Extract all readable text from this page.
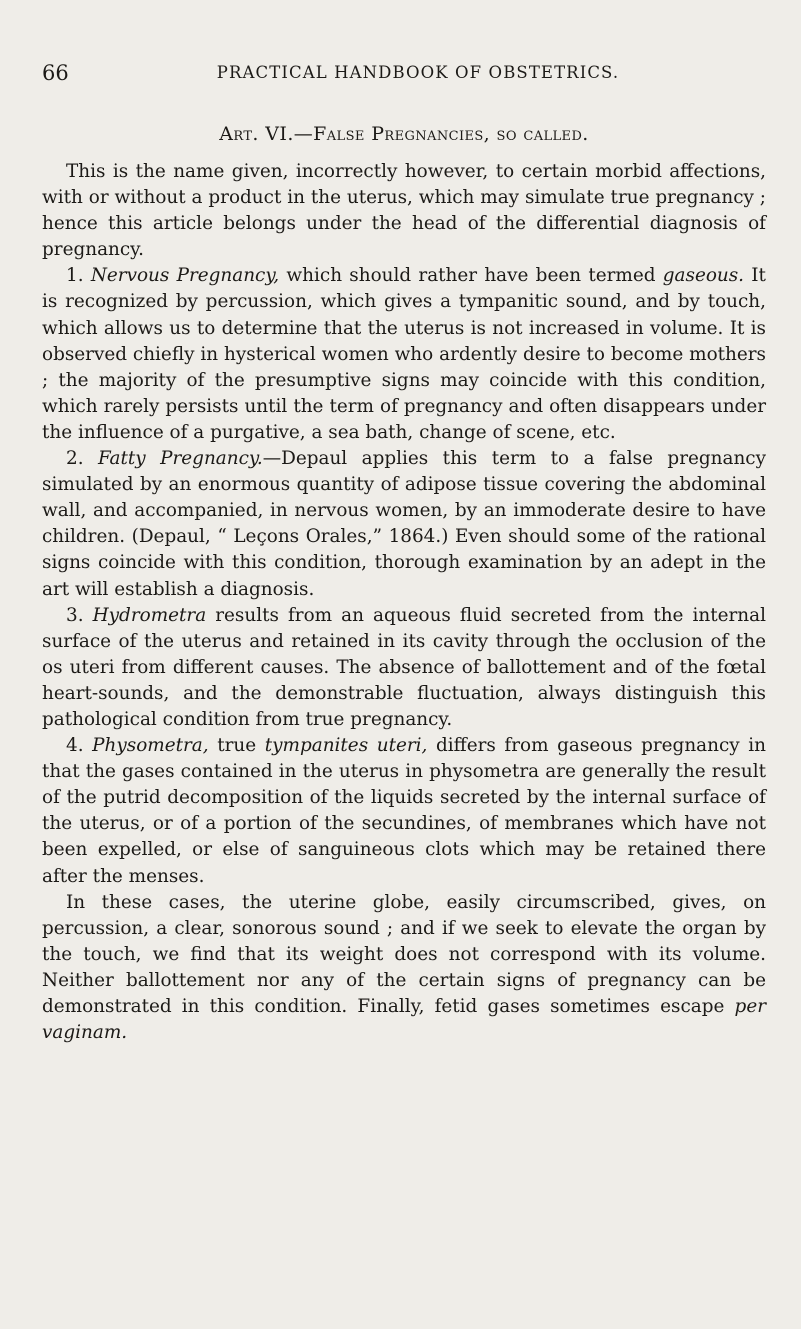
66	PRACTICAL HANDBOOK OF OBSTETRICS.
Art. VI.—False Pregnancies, so called.

This is the name given, incorrectly however, to certain morbid affections, with or without a product in the uterus, which may simulate true pregnancy ; hence this article belongs under the head of the differential diagnosis of pregnancy.

1. Nervous Pregnancy, which should rather have been termed gaseous. It is recognized by percussion, which gives a tympanitic sound, and by touch, which allows us to determine that the uterus is not increased in volume. It is observed chiefly in hysterical women who ardently desire to become mothers ; the majority of the presumptive signs may coincide with this condition, which rarely persists until the term of pregnancy and often disappears under the influence of a purgative, a sea bath, change of scene, etc.

2. Fatty Pregnancy.—Depaul applies this term to a false pregnancy simulated by an enormous quantity of adipose tissue covering the abdominal wall, and accompanied, in nervous women, by an immoderate desire to have children. (Depaul, “ Leçons Orales,” 1864.) Even should some of the rational signs coincide with this condition, thorough examination by an adept in the art will establish a diagnosis.

3. Hydrometra results from an aqueous fluid secreted from the internal surface of the uterus and retained in its cavity through the occlusion of the os uteri from different causes. The absence of ballottement and of the fœtal heart-sounds, and the demonstrable fluctuation, always distinguish this pathological condition from true pregnancy.

4. Physometra, true tympanites uteri, differs from gaseous pregnancy in that the gases contained in the uterus in physometra are generally the result of the putrid decomposition of the liquids secreted by the internal surface of the uterus, or of a portion of the secundines, of membranes which have not been expelled, or else of sanguineous clots which may be retained there after the menses.

In these cases, the uterine globe, easily circumscribed, gives, on percussion, a clear, sonorous sound ; and if we seek to elevate the organ by the touch, we find that its weight does not correspond with its volume. Neither ballottement nor any of the certain signs of pregnancy can be demonstrated in this condition. Finally, fetid gases sometimes escape per vaginam.
